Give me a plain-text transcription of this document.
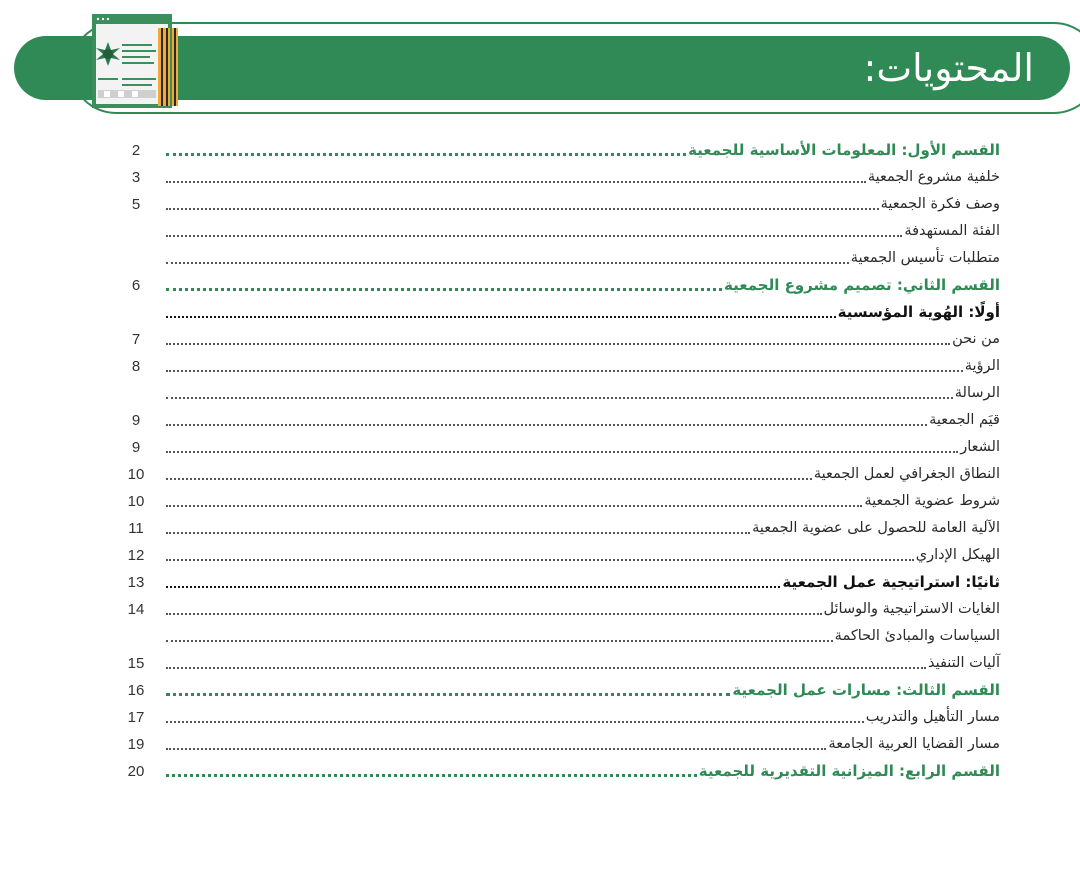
المحتويات:
القسم الأول: المعلومات الأساسية للجمعية
2
خلفية مشروع الجمعية
3
وصف فكرة الجمعية
5
الفئة المستهدفة
متطلبات تأسيس الجمعية
القسم الثاني: تصميم مشروع الجمعية
6
أولًا: الهُوية المؤسسية
من نحن
7
الرؤية
8
الرسالة
قيَم الجمعية
9
الشعار
9
النطاق الجغرافي لعمل الجمعية
10
شروط عضوية الجمعية
10
الآلية العامة للحصول على عضوية الجمعية
11
الهيكل الإداري
12
ثانيًا: استراتيجية عمل الجمعية
13
الغايات الاستراتيجية والوسائل
14
السياسات والمبادئ الحاكمة
آليات التنفيذ
15
القسم الثالث: مسارات عمل الجمعية
16
مسار التأهيل والتدريب
17
مسار القضايا العربية الجامعة
19
القسم الرابع: الميزانية التقديرية للجمعية
20
